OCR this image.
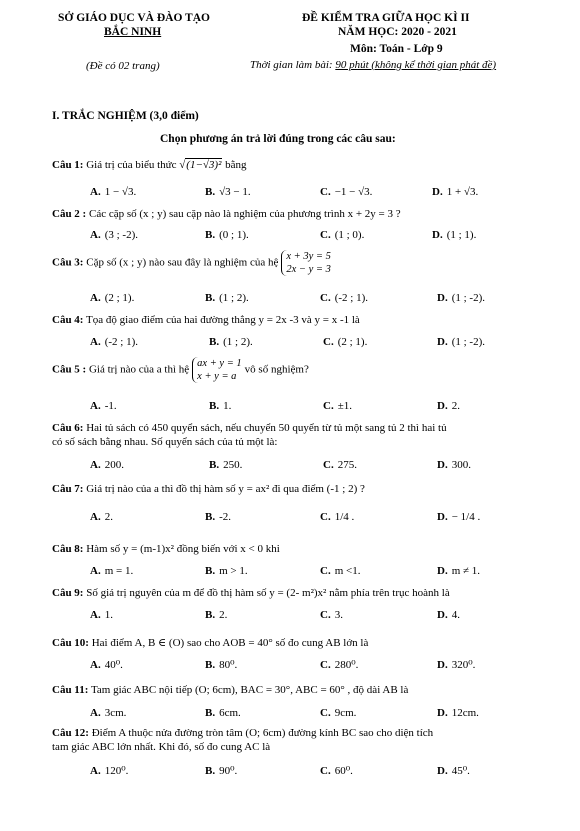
SỞ GIÁO DỤC VÀ ĐÀO TẠO
BẮC NINH
(Đề có 02 trang)
ĐỀ KIỂM TRA GIỮA HỌC KÌ II
NĂM HỌC: 2020 - 2021
Môn: Toán - Lớp 9
Thời gian làm bài: 90 phút (không kể thời gian phát đề)
I. TRẮC NGHIỆM (3,0 điểm)
Chọn phương án trả lời đúng trong các câu sau:
Câu 1: Giá trị của biểu thức √(1−√3)² bằng
A. 1 − √3.	B. √3 − 1.	C. −1 − √3.	D. 1 + √3.
Câu 2 : Các cặp số (x ; y) sau cặp nào là nghiệm của phương trình x + 2y = 3 ?
A. (3 ; -2).	B. (0 ; 1).	C. (1 ; 0).	D. (1 ; 1).
Câu 3: Cặp số (x ; y) nào sau đây là nghiệm của hệ
x + 3y = 5
2x − y = 3
A. (2 ; 1).	B. (1 ; 2).	C. (-2 ; 1).	D. (1 ; -2).
Câu 4: Tọa độ giao điểm của hai đường thẳng y = 2x -3 và y = x -1 là
A. (-2 ; 1).	B. (1 ; 2).	C. (2 ; 1).	D. (1 ; -2).
Câu 5 : Giá trị nào của a thì hệ
ax + y = 1
x + y = a
vô số nghiệm?
A. -1.	B. 1.	C. ±1.	D. 2.
Câu 6: Hai tủ sách có 450 quyển sách, nếu chuyển 50 quyển từ tủ một sang tủ 2 thì hai tủ
có số sách bằng nhau. Số quyển sách của tủ một là:
A. 200.	B. 250.	C. 275.	D. 300.
Câu 7: Giá trị nào của a thì đồ thị hàm số y = ax² đi qua điểm (-1 ; 2) ?
A. 2.	B. -2.	C. 1/4 .	D. − 1/4 .
Câu 8: Hàm số y = (m-1)x² đồng biến với x < 0 khi
A. m = 1.	B. m > 1.	C. m <1.	D. m ≠ 1.
Câu 9: Số giá trị nguyên của m để đồ thị hàm số y = (2- m²)x² nằm phía trên trục hoành là
A. 1.	B. 2.	C. 3.	D. 4.
Câu 10: Hai điểm A, B ∈ (O) sao cho AOB = 40° số đo cung AB lớn là
A. 40⁰.	B. 80⁰.	C. 280⁰.	D. 320⁰.
Câu 11: Tam giác ABC nội tiếp (O; 6cm), BAC = 30°, ABC = 60° , độ dài AB là
A. 3cm.	B. 6cm.	C. 9cm.	D. 12cm.
Câu 12: Điểm A thuộc nửa đường tròn tâm (O; 6cm) đường kính BC sao cho diện tích
tam giác ABC lớn nhất. Khi đó, số đo cung AC là
A. 120⁰.	B. 90⁰.	C. 60⁰.	D. 45⁰.
